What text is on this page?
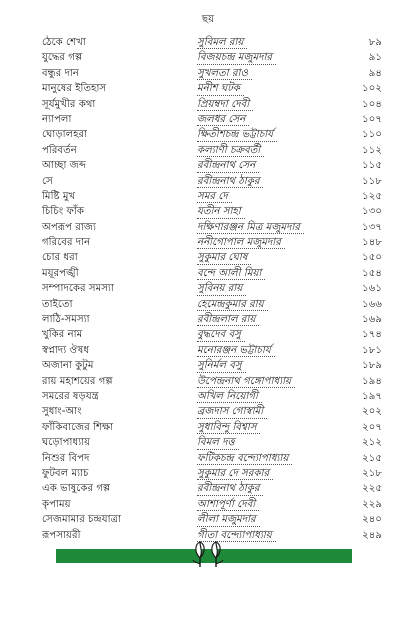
ছয়
ঠেকে শেখা	সুবিমল রায়	৮৯
যুদ্ধের গল্প	বিজয়চন্দ্র মজুমদার	৯১
বন্ধুর দান	সুখলতা রাও	৯৪
মানুষের ইতিহাস	মনীশ ঘটক	১০২
সূর্যমুখীর কথা	প্রিয়ম্বদা দেবী	১০৪
ন্যাপলা	জলধর সেন	১০৭
ঘোড়ালহরা	ক্ষিতীশচন্দ্র ভট্টাচার্য	১১০
পরিবর্তন	কল্যাণী চক্রবর্তী	১১২
আচ্ছা জব্দ	রবীন্দ্রনাথ সেন	১১৫
সে	রবীন্দ্রনাথ ঠাকুর	১১৮
মিষ্টি মুখ	সমর দে	১২৫
চিচিং ফাঁক	যতীন সাহা	১৩০
অপরূপ রাজ্য	দক্ষিণারঞ্জন মিত্র মজুমদার	১৩৭
গরিবের দান	ননীগোপাল মজুমদার	১৪৮
চোর ধরা	সুকুমার ঘোষ	১৫০
ময়ূরপঙ্খী	বন্দে আলী মিয়া	১৫৪
সম্পাদকের সমস্যা	সুবিনয় রায়	১৬১
তাইতো	হেমেন্দ্রকুমার রায়	১৬৬
লাঠি-সমস্যা	রবীন্দ্রলাল রায়	১৬৯
খুকির নাম	বুদ্ধদেব বসু	১৭৪
স্বপ্নাদ্য ঔষধ	মনোরঞ্জন ভট্টাচার্য	১৮১
অজানা কুটুম	সুনির্মল বসু	১৮৯
রায় মহাশয়ের গল্প	উপেন্দ্রনাথ গঙ্গোপাধ্যায়	১৯৪
সমরের ষড়যন্ত্র	অখিল নিয়োগী	১৯৭
সুধাং-আং	ব্রজদাস গোস্বামী	২০২
ফাঁকিবাজের শিক্ষা	সুধাবিন্দু বিশ্বাস	২০৭
ঘড়োপাধ্যায়	বিমল দত্ত	২১২
নিশুর বিপদ	ফটিকচন্দ্র বন্দ্যোপাধ্যায়	২১৫
ফুটবল ম্যাচ	সুকুমার দে সরকার	২১৮
এক ভাষুকের গল্প	রবীন্দ্রনাথ ঠাকুর	২২৫
কৃপাময়	আশাপূর্ণা দেবী	২২৯
সেজমামার চন্দ্রযাত্রা	লীলা মজুমদার	২৪০
রূপসায়রী	গীতা বন্দ্যোপাধ্যায়	২৪৯
